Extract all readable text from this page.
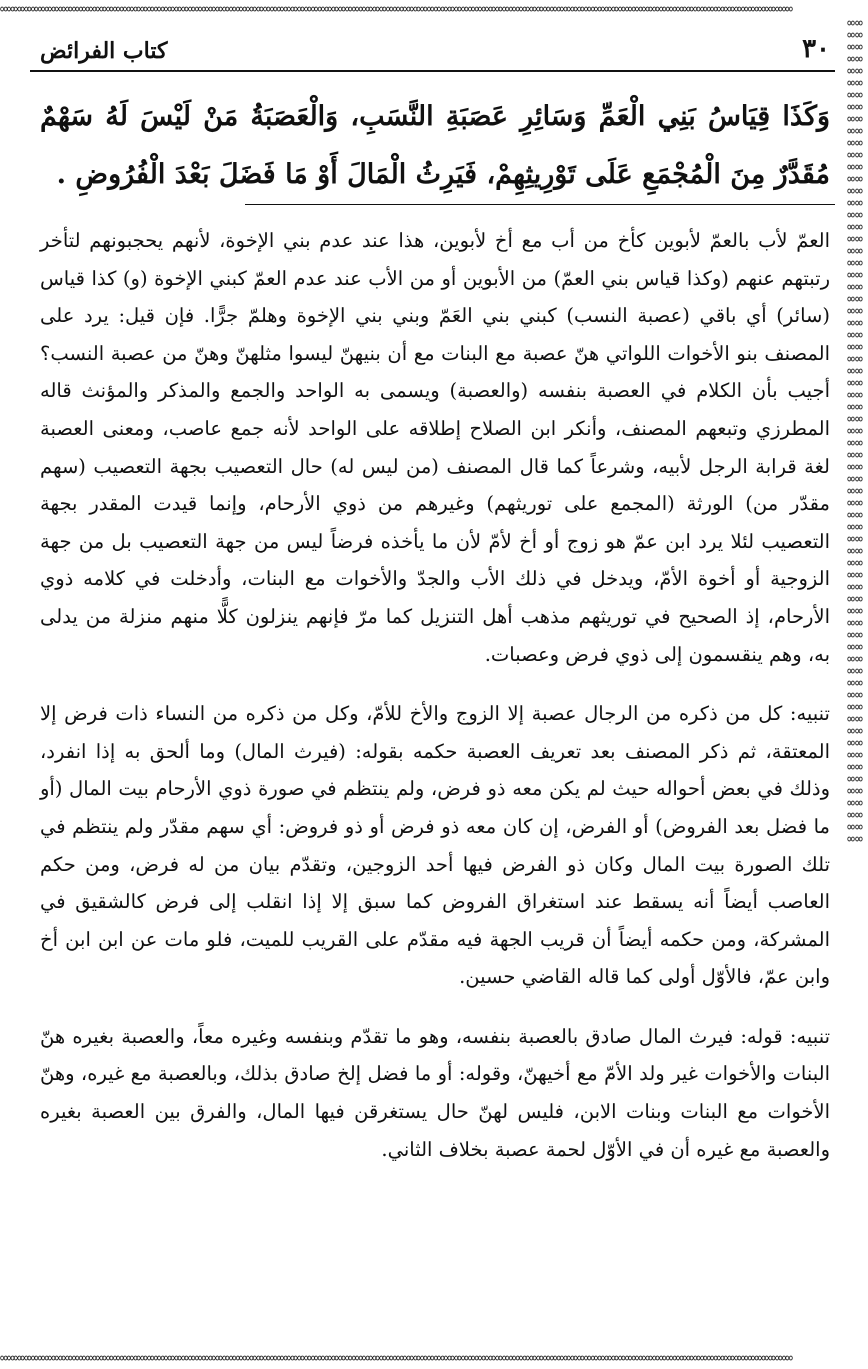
∞∞∞∞∞∞∞∞∞∞∞∞∞∞∞∞∞∞∞∞∞∞∞∞∞∞∞∞∞∞∞∞∞∞∞∞∞∞∞∞∞∞∞∞∞∞∞∞∞∞∞∞∞∞∞∞∞∞∞∞∞∞∞∞∞∞∞∞∞∞∞∞∞∞∞∞∞∞∞∞∞∞∞∞∞∞∞∞∞∞∞∞∞∞∞∞∞∞∞∞∞∞∞∞∞∞∞∞∞∞∞∞∞∞∞∞
∞∞∞∞∞∞∞∞∞∞∞∞∞∞∞∞∞∞∞∞∞∞∞∞∞∞∞∞∞∞∞∞∞∞∞∞∞∞∞∞∞∞∞∞∞∞∞∞∞∞∞∞∞∞∞∞∞∞∞∞∞∞∞∞∞∞∞∞∞∞∞∞∞∞∞∞∞∞∞∞∞∞∞∞∞∞∞∞∞∞∞∞∞∞∞∞∞∞∞∞∞∞∞∞∞∞∞∞∞∞∞∞∞∞∞∞∞∞∞∞∞∞∞∞∞∞∞∞∞∞∞∞∞∞∞∞∞∞
∞∞∞∞∞∞∞∞∞∞∞∞∞∞∞∞∞∞∞∞∞∞∞∞∞∞∞∞∞∞∞∞∞∞∞∞∞∞∞∞∞∞∞∞∞∞∞∞∞∞∞∞∞∞∞∞∞∞∞∞∞∞∞∞∞∞∞∞∞∞∞∞∞∞∞∞∞∞∞∞∞∞∞∞∞∞∞∞∞∞∞∞∞∞∞∞∞∞∞∞∞∞∞∞∞∞∞∞∞∞∞∞∞∞∞∞
٣٠
كتاب الفرائض
وَكَذَا قِيَاسُ بَنِي الْعَمِّ وَسَائِرِ عَصَبَةِ النَّسَبِ، وَالْعَصَبَةُ مَنْ لَيْسَ لَهُ سَهْمٌ مُقَدَّرٌ مِنَ الْمُجْمَعِ عَلَى تَوْرِيثِهِمْ، فَيَرِثُ الْمَالَ أَوْ مَا فَضَلَ بَعْدَ الْفُرُوضِ .

العمّ لأب بالعمّ لأبوين كأخ من أب مع أخ لأبوين، هذا عند عدم بني الإخوة، لأنهم يحجبونهم لتأخر رتبتهم عنهم (وكذا قياس بني العمّ) من الأبوين أو من الأب عند عدم العمّ كبني الإخوة (و) كذا قياس (سائر) أي باقي (عصبة النسب) كبني بني العَمّ وبني بني الإخوة وهلمّ جرًّا. فإن قيل: يرد على المصنف بنو الأخوات اللواتي هنّ عصبة مع البنات مع أن بنيهنّ ليسوا مثلهنّ وهنّ من عصبة النسب؟ أجيب بأن الكلام في العصبة بنفسه (والعصبة) ويسمى به الواحد والجمع والمذكر والمؤنث قاله المطرزي وتبعهم المصنف، وأنكر ابن الصلاح إطلاقه على الواحد لأنه جمع عاصب، ومعنى العصبة لغة قرابة الرجل لأبيه، وشرعاً كما قال المصنف (من ليس له) حال التعصيب بجهة التعصيب (سهم مقدّر من) الورثة (المجمع على توريثهم) وغيرهم من ذوي الأرحام، وإنما قيدت المقدر بجهة التعصيب لئلا يرد ابن عمّ هو زوج أو أخ لأمّ لأن ما يأخذه فرضاً ليس من جهة التعصيب بل من جهة الزوجية أو أخوة الأمّ، ويدخل في ذلك الأب والجدّ والأخوات مع البنات، وأدخلت في كلامه ذوي الأرحام، إذ الصحيح في توريثهم مذهب أهل التنزيل كما مرّ فإنهم ينزلون كلًّا منهم منزلة من يدلى به، وهم ينقسمون إلى ذوي فرض وعصبات.

تنبيه: كل من ذكره من الرجال عصبة إلا الزوج والأخ للأمّ، وكل من ذكره من النساء ذات فرض إلا المعتقة، ثم ذكر المصنف بعد تعريف العصبة حكمه بقوله: (فيرث المال) وما ألحق به إذا انفرد، وذلك في بعض أحواله حيث لم يكن معه ذو فرض، ولم ينتظم في صورة ذوي الأرحام بيت المال (أو ما فضل بعد الفروض) أو الفرض، إن كان معه ذو فرض أو ذو فروض: أي سهم مقدّر ولم ينتظم في تلك الصورة بيت المال وكان ذو الفرض فيها أحد الزوجين، وتقدّم بيان من له فرض، ومن حكم العاصب أيضاً أنه يسقط عند استغراق الفروض كما سبق إلا إذا انقلب إلى فرض كالشقيق في المشركة، ومن حكمه أيضاً أن قريب الجهة فيه مقدّم على القريب للميت، فلو مات عن ابن ابن أخ وابن عمّ، فالأوّل أولى كما قاله القاضي حسين.

تنبيه: قوله: فيرث المال صادق بالعصبة بنفسه، وهو ما تقدّم وبنفسه وغيره معاً، والعصبة بغيره هنّ البنات والأخوات غير ولد الأمّ مع أخيهنّ، وقوله: أو ما فضل إلخ صادق بذلك، وبالعصبة مع غيره، وهنّ الأخوات مع البنات وبنات الابن، فليس لهنّ حال يستغرقن فيها المال، والفرق بين العصبة بغيره والعصبة مع غيره أن في الأوّل لحمة عصبة بخلاف الثاني.
